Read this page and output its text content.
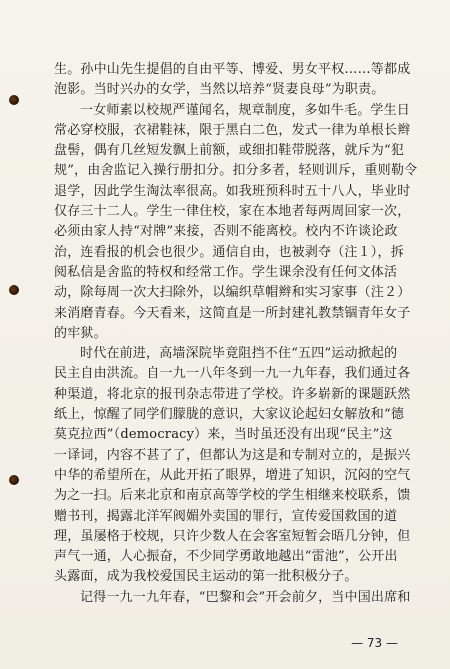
生。孙中山先生提倡的自由平等、博爱、男女平权……等都成
泡影。当时兴办的女学，当然以培养“贤妻良母”为职责。

一女师素以校规严谨闻名，规章制度，多如牛毛。学生日
常必穿校服，衣裙鞋袜，限于黑白二色，发式一律为单根长辫
盘髻，偶有几丝短发飘上前额，或细扣鞋带脱落，就斥为“犯
规”，由舍监记入操行册扣分。扣分多者，轻则训斥，重则勒令
退学，因此学生淘汰率很高。如我班预科时五十八人，毕业时
仅存三十二人。学生一律住校，家在本地者每两周回家一次，
必须由家人持“对牌”来接，否则不能离校。校内不许谈论政
治，连看报的机会也很少。通信自由，也被剥夺（注１），拆
阅私信是舍监的特权和经常工作。学生课余没有任何文体活
动，除每周一次大扫除外，以编织草帽辫和实习家事（注２）
来消磨青春。今天看来，这简直是一所封建礼教禁锢青年女子
的牢狱。

时代在前进，高墙深院毕竟阻挡不住“五四”运动掀起的
民主自由洪流。自一九一八年冬到一九一九年春，我们通过各
种渠道，将北京的报刊杂志带进了学校。许多崭新的课题跃然
纸上，惊醒了同学们朦胧的意识，大家议论起妇女解放和“德
莫克拉西”（democracy）来，当时虽还没有出现“民主”这
一译词，内容不甚了了，但都认为这是和专制对立的，是振兴
中华的希望所在，从此开拓了眼界，增进了知识，沉闷的空气
为之一扫。后来北京和南京高等学校的学生相继来校联系，馈
赠书刊，揭露北洋军阀媚外卖国的罪行，宣传爱国救国的道
理，虽屡格于校规，只许少数人在会客室短暂会晤几分钟，但
声气一通，人心振奋，不少同学勇敢地越出“雷池”，公开出
头露面，成为我校爱国民主运动的第一批积极分子。

记得一九一九年春，“巴黎和会”开会前夕，当中国出席和

— 73 —
